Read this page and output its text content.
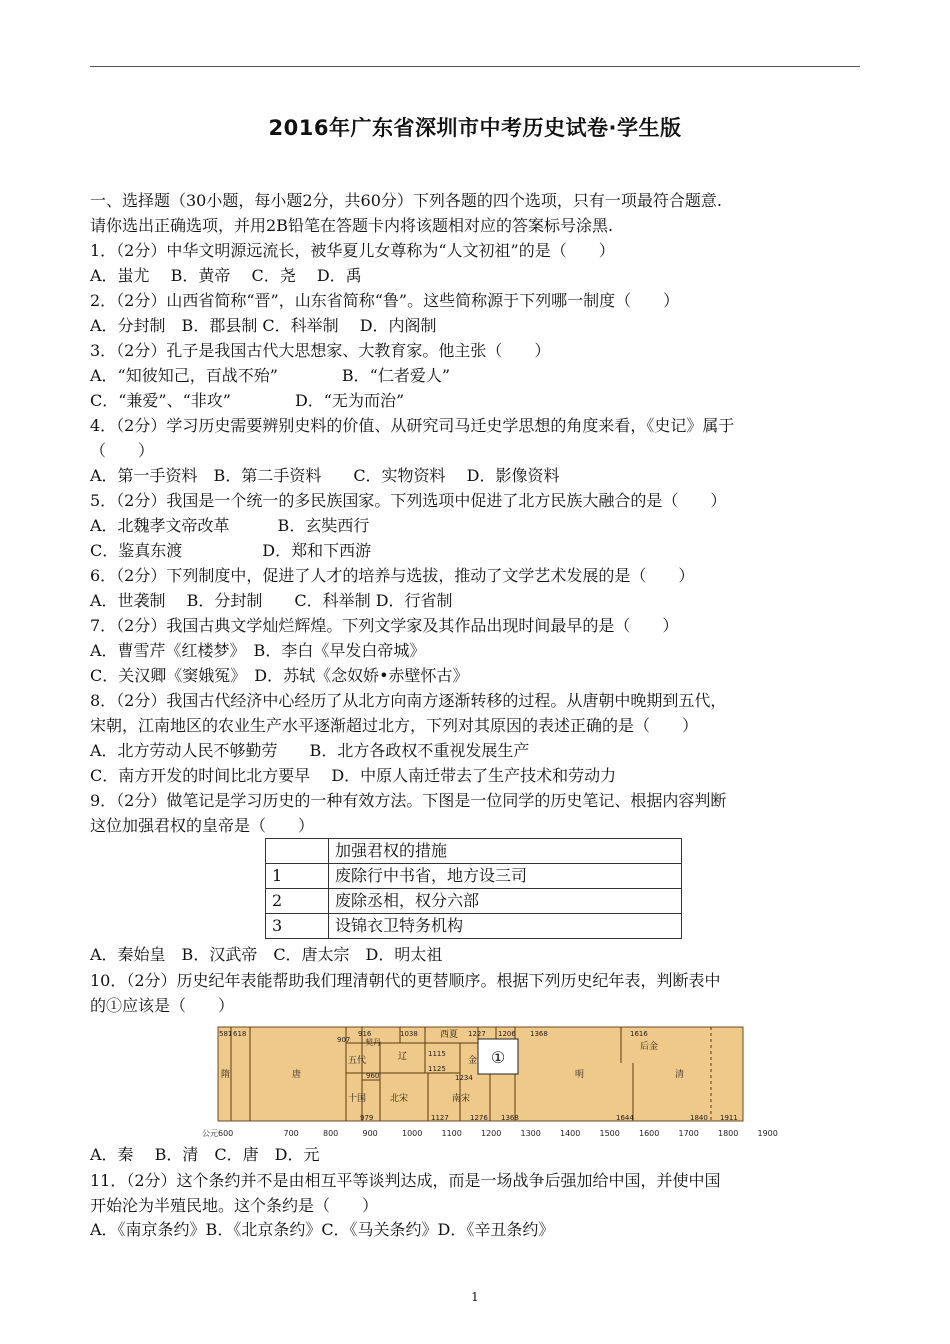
2016年广东省深圳市中考历史试卷·学生版
一、选择题（30小题，每小题2分，共60分）下列各题的四个选项，只有一项最符合题意.
请你选出正确选项，并用2B铅笔在答题卡内将该题相对应的答案标号涂黑.
1．（2分）中华文明源远流长，被华夏儿女尊称为“人文初祖”的是（　　）
A．蚩尤　 B．黄帝　 C．尧　 D．禹
2．（2分）山西省简称“晋”，山东省简称“鲁”。这些简称源于下列哪一制度（　　）
A．分封制　B．郡县制 C．科举制　 D．内阁制
3．（2分）孔子是我国古代大思想家、大教育家。他主张（　　）
A．“知彼知己，百战不殆”　　　　B．“仁者爱人”
C．“兼爱”、“非攻”　　　　D．“无为而治”
4．（2分）学习历史需要辨别史料的价值、从研究司马迁史学思想的角度来看，《史记》属于
（　　）
A．第一手资料　B．第二手资料　　C．实物资料　 D．影像资料
5．（2分）我国是一个统一的多民族国家。下列选项中促进了北方民族大融合的是（　　）
A．北魏孝文帝改革　　　B．玄奘西行
C．鉴真东渡　　　　　D．郑和下西游
6．（2分）下列制度中，促进了人才的培养与选拔，推动了文学艺术发展的是（　　）
A．世袭制　 B．分封制　　C．科举制 D．行省制
7．（2分）我国古典文学灿烂辉煌。下列文学家及其作品出现时间最早的是（　　）
A．曹雪芹《红楼梦》　B．李白《早发白帝城》
C．关汉卿《窦娥冤》　D．苏轼《念奴娇•赤壁怀古》
8．（2分）我国古代经济中心经历了从北方向南方逐渐转移的过程。从唐朝中晚期到五代，
宋朝，江南地区的农业生产水平逐渐超过北方，下列对其原因的表述正确的是（　　）
A．北方劳动人民不够勤劳　　B．北方各政权不重视发展生产
C．南方开发的时间比北方要早　 D．中原人南迁带去了生产技术和劳动力
9．（2分）做笔记是学习历史的一种有效方法。下图是一位同学的历史笔记、根据内容判断
这位加强君权的皇帝是（　　）
	加强君权的措施
1	废除行中书省，地方设三司
2	废除丞相，权分六部
3	设锦衣卫特务机构
①
581 618
907
916
960
979
1038
1115
1125
1127
1206
1227
1234
1276 1368
1368	1616
1644	1840 1911
隋	唐
五代
十国
辽
西夏
金
北宋	南宋
明	清
后金
契丹
公元600	700	800	900	1000 1100 1200 1300 1400 1500 1600 1700 1800 1900
A．秦始皇　B．汉武帝　C．唐太宗　D．明太祖
10．（2分）历史纪年表能帮助我们理清朝代的更替顺序。根据下列历史纪年表，判断表中
的①应该是（　　）
A．秦　 B．清　C．唐　D．元
11．（2分）这个条约并不是由相互平等谈判达成，而是一场战争后强加给中国，并使中国
开始沦为半殖民地。这个条约是（　　）
A．《南京条约》B．《北京条约》C．《马关条约》D．《辛丑条约》
1
